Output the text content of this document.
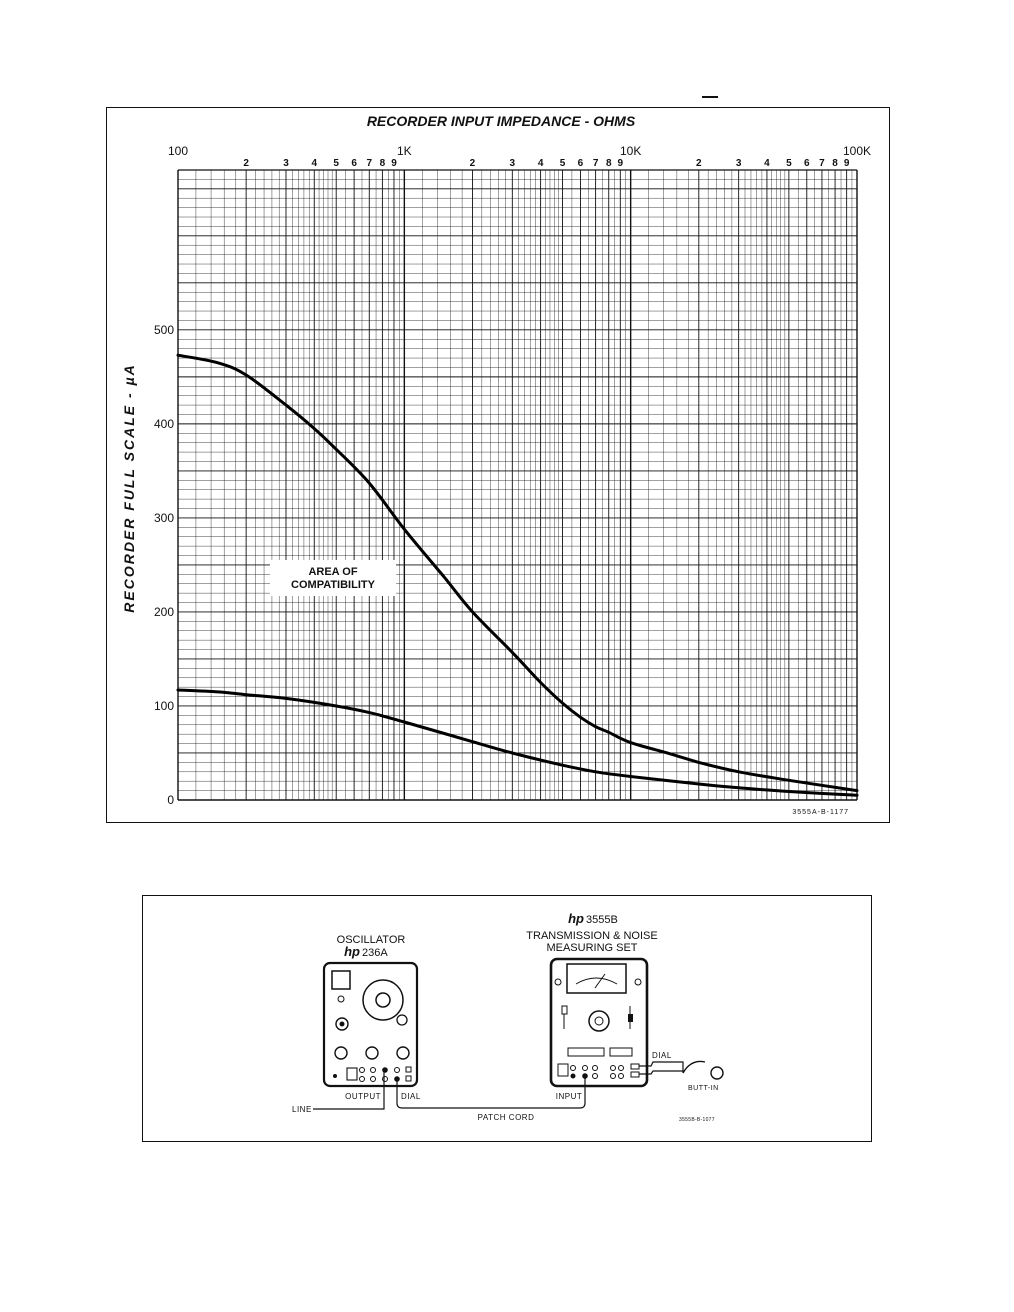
RECORDER INPUT IMPEDANCE - OHMS
RECORDER FULL SCALE - µA
100	1K	10K	100K
2	3 4 5 6 7 8 9	2	3 4 5 6 7 8 9	2	3 4 5 6 7 8 9
0
100
200
300
400
500
AREA OF
COMPATIBILITY
3555A-B-1177
OSCILLATOR
hp 236A
hp 3555B
TRANSMISSION & NOISE
MEASURING SET
LINE
OUTPUT	DIAL
PATCH CORD
INPUT
DIAL
BUTT-IN
3555B-B-1077
